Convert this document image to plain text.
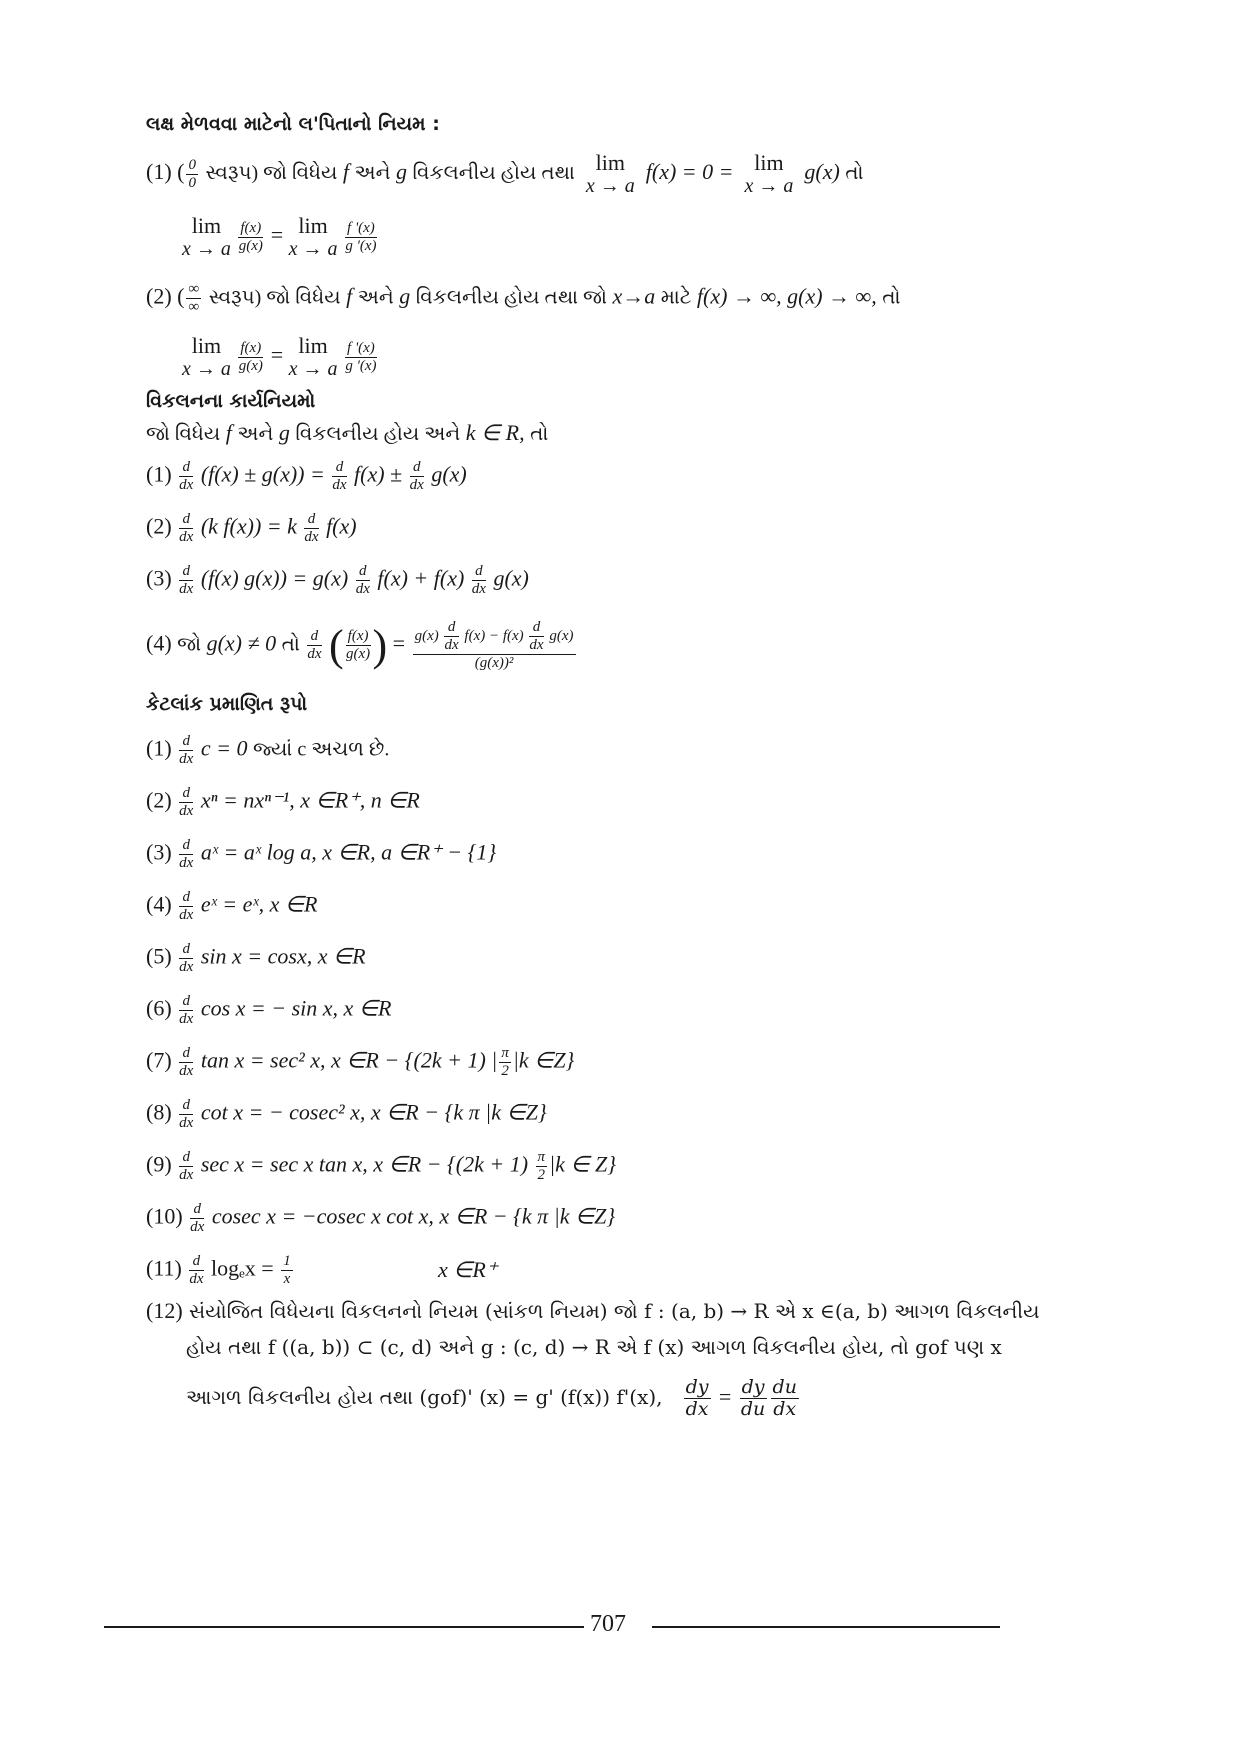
લક્ષ મેળવવા માટેનો લ'પિતાનો નિયમ :
(1) ( $\frac{0}{0}$ સ્વરૂપ) જો વિધેય f અને g વિકલનીય હોય તથા lim
x → a
f(x) = 0 = lim
x → a
g(x) તો
lim
x → a
$\frac{f(x)}{g(x)} = \lim$
x → a
$\frac{f '(x)}{g '(x)}$
(2) ( $\frac{\infty}{\infty}$ સ્વરૂપ) જો વિધેય f અને g વિકલનીય હોય તથા જો x→a માટે f(x) → ∞, g(x) → ∞, તો
lim
x → a
$\frac{f(x)}{g(x)} = \lim$
x → a
$\frac{f '(x)}{g '(x)}$
વિકલનના કાર્યનિયમો
જો વિધેય f અને g વિકલનીય હોય અને k ∈ R, તો
$(1) \frac{d}{dx} (f(x) \pm g(x)) = \frac{d}{dx} f(x) \pm \frac{d}{dx} g(x)$
$(2) \frac{d}{dx} (k$ f(x)) = k $\frac{d}{dx} f(x)$
$(3) \frac{d}{dx} (f(x) g(x)) = g(x) \frac{d}{dx} f(x) + f(x) \frac{d}{dx} g(x)$
(4) જો g(x) ≠ 0 તો $\frac{d}{dx}$ ( $\frac{f(x)}{g(x)}$ ) = $\frac{g(x) \frac{d}{dx} f(x) - f(x) \frac{d}{dx} g(x)}{\text{(g(x))²}}$
કેટલાંક પ્રમાણિત રૂપો
$(1) \frac{d}{dx}$ c = 0 જ્યાં c અચળ છે.
$(2) \frac{d}{dx}$ xⁿ = nxⁿ⁻¹, x ∈R⁺, n ∈R
$(3) \frac{d}{dx}$ aˣ = aˣ log a, x ∈R, a ∈R⁺ − {1}
$(4) \frac{d}{dx}$ eˣ = eˣ, x ∈R
$(5) \frac{d}{dx}$ sin x = cosx, x ∈R
$(6) \frac{d}{dx}$ cos x = − sin x, x ∈R
$(7) \frac{d}{dx}$ tan x = sec² x, x ∈R − {(2k + 1) | $\frac{\pi}{2} |k$ ∈Z}
$(8) \frac{d}{dx}$ cot x = − cosec² x, x ∈R − {k π |k ∈Z}
$(9) \frac{d}{dx}$ sec x = sec x tan x, x ∈R − {$(2k + 1) \frac{\pi}{2} |k$ ∈ Z}
$(10) \frac{d}{dx}$ cosec x = −cosec x cot x, x ∈R − {k π |k ∈Z}
$(11) \frac{d}{dx}$ $\log_ex = \frac{1}{x}$	x ∈R⁺
(12) સંયોજિત વિધેયના વિકલનનો નિયમ (સાંકળ નિયમ) જો f : (a, b) → R એ x ∈(a, b) આગળ વિકલનીય
હોય તથા f ((a, b)) ⊂ (c, d) અને g : (c, d) → R એ f (x) આગળ વિકલનીય હોય, તો gof પણ x
આગળ વિકલનીય હોય તથા (gof)' (x) = g' (f(x)) f'(x), $\frac{dy}{dx} = \frac{dy}{du} \frac{du}{dx}$
707
